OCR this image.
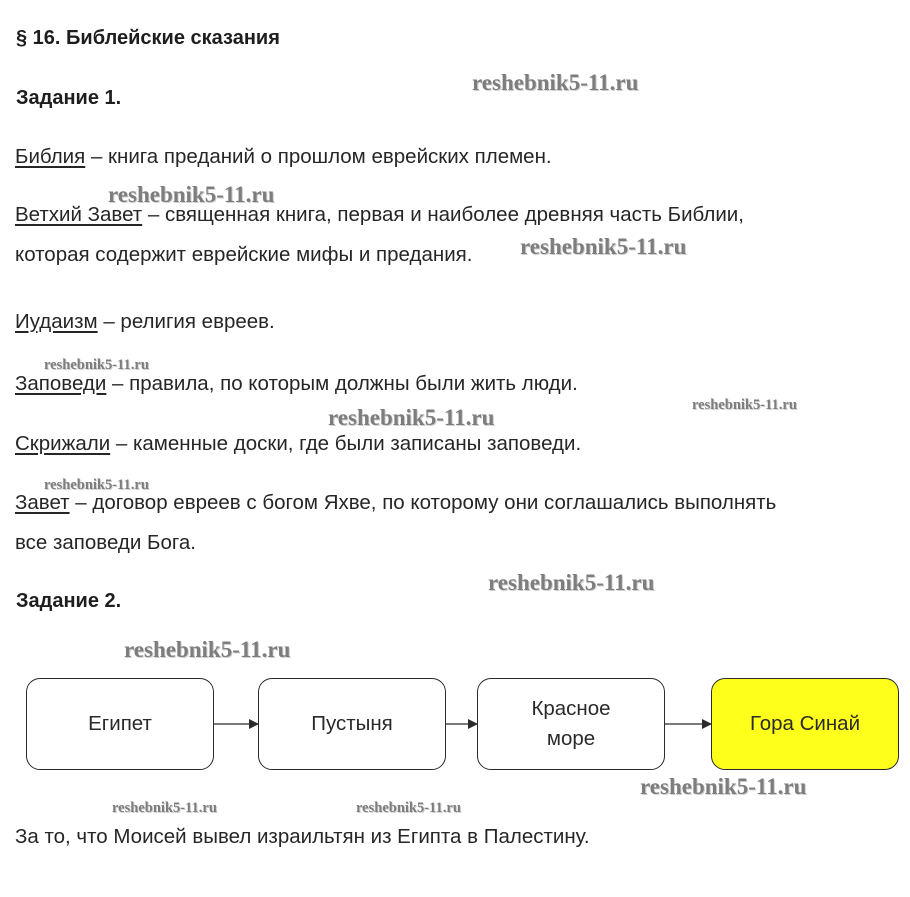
§ 16. Библейские сказания
Задание 1.
Библия – книга преданий о прошлом еврейских племен.
Ветхий Завет – священная книга, первая и наиболее древняя часть Библии,
которая содержит еврейские мифы и предания.
Иудаизм – религия евреев.
Заповеди – правила, по которым должны были жить люди.
Скрижали – каменные доски, где были записаны заповеди.
Завет – договор евреев с богом Яхве, по которому они соглашались выполнять
все заповеди Бога.
Задание 2.
Египет	Пустыня
Красное
море
Гора Синай
За то, что Моисей вывел израильтян из Египта в Палестину.
reshebnik5-11.ru
reshebnik5-11.ru
reshebnik5-11.ru
reshebnik5-11.ru
reshebnik5-11.ru	reshebnik5-11.ru
reshebnik5-11.ru
reshebnik5-11.ru
reshebnik5-11.ru
reshebnik5-11.ru
reshebnik5-11.ru	reshebnik5-11.ru
